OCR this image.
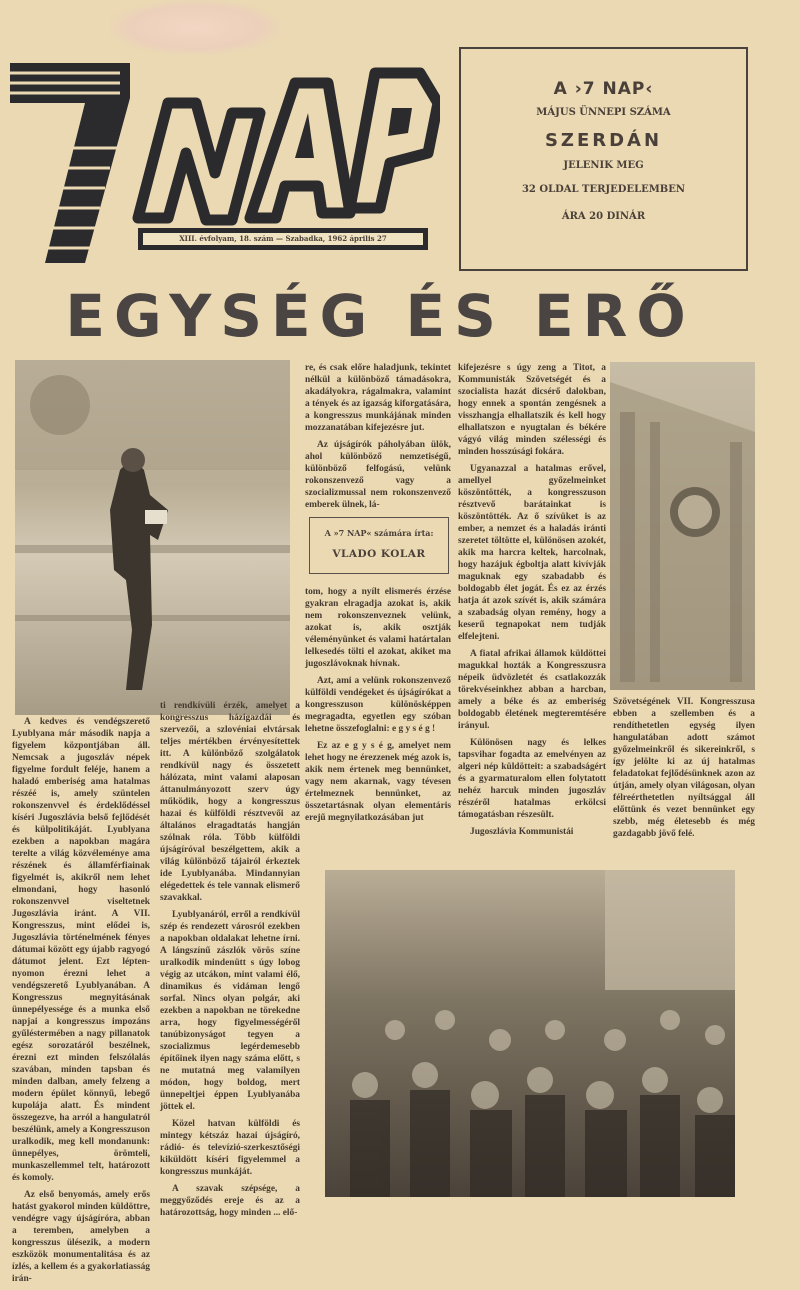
XIII. évfolyam, 18. szám — Szabadka, 1962 április 27
A ›7 NAP‹
MÁJUS ÜNNEPI SZÁMA
SZERDÁN
JELENIK MEG
32 OLDAL TERJEDELEMBEN
ÁRA 20 DINÁR
EGYSÉG ÉS ERŐ

A kedves és vendégszerető Lyublyana már második napja a figyelem központjában áll. Nemcsak a jugoszláv népek figyelme fordult feléje, hanem a haladó emberiség ama hatalmas részéé is, amely szüntelen rokonszenvvel és érdeklődéssel kíséri Jugoszlávia belső fejlődését és külpolitikáját. Lyublyana ezekben a napokban magára terelte a világ közvéleménye ama részének és államférfiainak figyelmét is, akikről nem lehet elmondani, hogy hasonló rokonszenvvel viseltetnek Jugoszlávia iránt. A VII. Kongresszus, mint elődei is, Jugoszlávia történelmének fényes dátumai között egy újabb ragyogó dátumot jelent. Ezt lépten-nyomon érezni lehet a vendégszerető Lyublyanában. A Kongresszus megnyitásának ünnepélyessége és a munka első napjai a kongresszus impozáns gyűléstermében a nagy pillanatok egész sorozatáról beszélnek, érezni ezt minden felszólalás szavában, minden tapsban és minden dalban, amely felzeng a modern épület könnyű, lebegő kupolája alatt. És mindent összegezve, ha arról a hangulatról beszélünk, amely a Kongresszuson uralkodik, meg kell mondanunk: ünnepélyes, örömteli, munkaszellemmel telt, határozott és komoly.

Az első benyomás, amely erős hatást gyakorol minden küldöttre, vendégre vagy újságíróra, abban a teremben, amelyben a kongresszus ülésezik, a modern eszközök monumentalitása és az ízlés, a kellem és a gyakorlatiasság irán-

ti rendkívüli érzék, amelyet a kongresszus házigazdái és szervezői, a szlovéniai elvtársak teljes mértékben érvényesítettek itt. A különböző szolgálatok rendkívül nagy és összetett hálózata, mint valami alaposan áttanulmányozott szerv úgy működik, hogy a kongresszus hazai és külföldi résztvevői az általános elragadtatás hangján szólnak róla. Több külföldi újságíróval beszélgettem, akik a világ különböző tájairól érkeztek ide Lyublyanába. Mindannyian elégedettek és tele vannak elismerő szavakkal.

Lyublyanáról, erről a rendkívül szép és rendezett városról ezekben a napokban oldalakat lehetne írni. A lángszínű zászlók vörös színe uralkodik mindenütt s úgy lobog végig az utcákon, mint valami élő, dinamikus és vidáman lengő sorfal. Nincs olyan polgár, aki ezekben a napokban ne törekedne arra, hogy figyelmességéről tanúbizonyságot tegyen a szocializmus legérdemesebb építőinek ilyen nagy száma előtt, s ne mutatná meg valamilyen módon, hogy boldog, mert ünnepeltjei éppen Lyublyanába jöttek el.

Közel hatvan külföldi és mintegy kétszáz hazai újságíró, rádió- és televízió-szerkesztőségi kiküldött kíséri figyelemmel a kongresszus munkáját.

A szavak szépsége, a meggyőződés ereje és az a határozottság, hogy minden ... elő-

re, és csak előre haladjunk, tekintet nélkül a különböző támadásokra, akadályokra, rágalmakra, valamint a tények és az igazság kiforgatására, a kongresszus munkájának minden mozzanatában kifejezésre jut.

Az újságírók páholyában ülök, ahol különböző nemzetiségű, különböző felfogású, velünk rokonszenvező vagy a szocializmussal nem rokonszenvező emberek ülnek, lá-

A »7 NAP« számára írta:
VLADO KOLAR

tom, hogy a nyílt elismerés érzése gyakran elragadja azokat is, akik nem rokonszenveznek velünk, azokat is, akik osztják véleményünket és valami határtalan lelkesedés tölti el azokat, akiket ma jugoszlávoknak hívnak.

Azt, ami a velünk rokonszenvező külföldi vendégeket és újságírókat a kongresszuson különösképpen megragadta, egyetlen egy szóban lehetne összefoglalni: e g y s é g !

Ez az e g y s é g, amelyet nem lehet hogy ne érezzenek még azok is, akik nem értenek meg bennünket, vagy nem akarnak, vagy tévesen értelmeznek bennünket, az összetartásnak olyan elementáris erejű megnyilatkozásában jut

kifejezésre s úgy zeng a Titot, a Kommunisták Szövetségét és a szocialista hazát dicsérő dalokban, hogy ennek a spontán zengésnek a visszhangja elhallatszik és kell hogy elhallatszon e nyugtalan és békére vágyó világ minden szélességi és minden hosszúsági fokára.

Ugyanazzal a hatalmas erővel, amellyel győzelmeinket köszöntötték, a kongresszuson résztvevő barátainkat is köszöntötték. Az ő szívüket is az ember, a nemzet és a haladás iránti szeretet töltötte el, különösen azokét, akik ma harcra keltek, harcolnak, hogy hazájuk égboltja alatt kivívják maguknak egy szabadabb és boldogabb élet jogát. És ez az érzés hatja át azok szívét is, akik számára a szabadság olyan remény, hogy a keserű tegnapokat nem tudják elfelejteni.

A fiatal afrikai államok küldöttei magukkal hozták a Kongresszusra népeik üdvözletét és csatlakozzák törekvéseinkhez abban a harcban, amely a béke és az emberiség boldogabb életének megteremtésére irányul.

Különösen nagy és lelkes tapsvihar fogadta az emelvényen az algeri nép küldötteit: a szabadságért és a gyarmaturalom ellen folytatott nehéz harcuk minden jugoszláv részéről hatalmas erkölcsi támogatásban részesült.

Jugoszlávia Kommunistái

Szövetségének VII. Kongresszusa ebben a szellemben és a rendíthetetlen egység ilyen hangulatában adott számot győzelmeinkről és sikereinkről, s így jelölte ki az új hatalmas feladatokat fejlődésünknek azon az útján, amely olyan világosan, olyan félreérthetetlen nyíltsággal áll előttünk és vezet bennünket egy szebb, még életesebb és még gazdagabb jövő felé.
